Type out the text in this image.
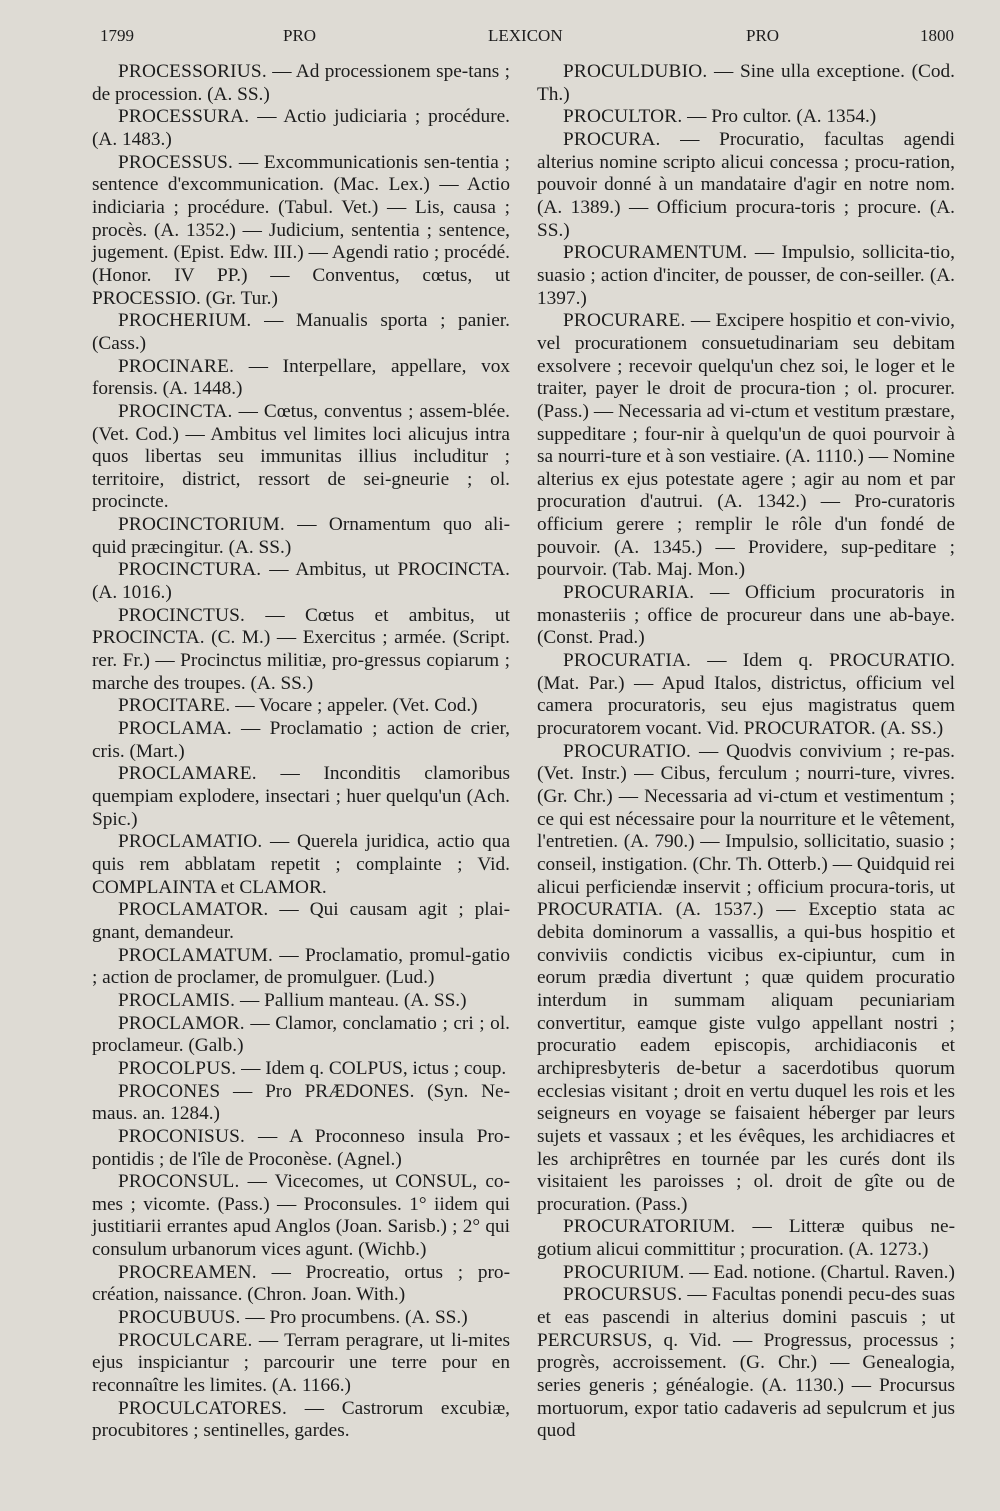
1799	PRO	LEXICON	PRO	1800

PROCESSORIUS. — Ad processionem spe-tans ; de procession. (A. SS.)

PROCESSURA. — Actio judiciaria ; procédure. (A. 1483.)

PROCESSUS. — Excommunicationis sen-tentia ; sentence d'excommunication. (Mac. Lex.) — Actio indiciaria ; procédure. (Tabul. Vet.) — Lis, causa ; procès. (A. 1352.) — Judicium, sententia ; sentence, jugement. (Epist. Edw. III.) — Agendi ratio ; procédé. (Honor. IV PP.) — Conventus, cœtus, ut PROCESSIO. (Gr. Tur.)

PROCHERIUM. — Manualis sporta ; panier. (Cass.)

PROCINARE. — Interpellare, appellare, vox forensis. (A. 1448.)

PROCINCTA. — Cœtus, conventus ; assem-blée. (Vet. Cod.) — Ambitus vel limites loci alicujus intra quos libertas seu immunitas illius includitur ; territoire, district, ressort de sei-gneurie ; ol. procincte.

PROCINCTORIUM. — Ornamentum quo ali-quid præcingitur. (A. SS.)

PROCINCTURA. — Ambitus, ut PROCINCTA. (A. 1016.)

PROCINCTUS. — Cœtus et ambitus, ut PROCINCTA. (C. M.) — Exercitus ; armée. (Script. rer. Fr.) — Procinctus militiæ, pro-gressus copiarum ; marche des troupes. (A. SS.)

PROCITARE. — Vocare ; appeler. (Vet. Cod.)

PROCLAMA. — Proclamatio ; action de crier, cris. (Mart.)

PROCLAMARE. — Inconditis clamoribus quempiam explodere, insectari ; huer quelqu'un (Ach. Spic.)

PROCLAMATIO. — Querela juridica, actio qua quis rem abblatam repetit ; complainte ; Vid. COMPLAINTA et CLAMOR.

PROCLAMATOR. — Qui causam agit ; plai-gnant, demandeur.

PROCLAMATUM. — Proclamatio, promul-gatio ; action de proclamer, de promulguer. (Lud.)

PROCLAMIS. — Pallium manteau. (A. SS.)

PROCLAMOR. — Clamor, conclamatio ; cri ; ol. proclameur. (Galb.)

PROCOLPUS. — Idem q. COLPUS, ictus ; coup.

PROCONES — Pro PRÆDONES. (Syn. Ne-maus. an. 1284.)

PROCONISUS. — A Proconneso insula Pro-pontidis ; de l'île de Proconèse. (Agnel.)

PROCONSUL. — Vicecomes, ut CONSUL, co-mes ; vicomte. (Pass.) — Proconsules. 1° iidem qui justitiarii errantes apud Anglos (Joan. Sarisb.) ; 2° qui consulum urbanorum vices agunt. (Wichb.)

PROCREAMEN. — Procreatio, ortus ; pro-création, naissance. (Chron. Joan. With.)

PROCUBUUS. — Pro procumbens. (A. SS.)

PROCULCARE. — Terram peragrare, ut li-mites ejus inspiciantur ; parcourir une terre pour en reconnaître les limites. (A. 1166.)

PROCULCATORES. — Castrorum excubiæ, procubitores ; sentinelles, gardes.

PROCULDUBIO. — Sine ulla exceptione. (Cod. Th.)

PROCULTOR. — Pro cultor. (A. 1354.)

PROCURA. — Procuratio, facultas agendi alterius nomine scripto alicui concessa ; procu-ration, pouvoir donné à un mandataire d'agir en notre nom. (A. 1389.) — Officium procura-toris ; procure. (A. SS.)

PROCURAMENTUM. — Impulsio, sollicita-tio, suasio ; action d'inciter, de pousser, de con-seiller. (A. 1397.)

PROCURARE. — Excipere hospitio et con-vivio, vel procurationem consuetudinariam seu debitam exsolvere ; recevoir quelqu'un chez soi, le loger et le traiter, payer le droit de procura-tion ; ol. procurer. (Pass.) — Necessaria ad vi-ctum et vestitum præstare, suppeditare ; four-nir à quelqu'un de quoi pourvoir à sa nourri-ture et à son vestiaire. (A. 1110.) — Nomine alterius ex ejus potestate agere ; agir au nom et par procuration d'autrui. (A. 1342.) — Pro-curatoris officium gerere ; remplir le rôle d'un fondé de pouvoir. (A. 1345.) — Providere, sup-peditare ; pourvoir. (Tab. Maj. Mon.)

PROCURARIA. — Officium procuratoris in monasteriis ; office de procureur dans une ab-baye. (Const. Prad.)

PROCURATIA. — Idem q. PROCURATIO. (Mat. Par.) — Apud Italos, districtus, officium vel camera procuratoris, seu ejus magistratus quem procuratorem vocant. Vid. PROCURATOR. (A. SS.)

PROCURATIO. — Quodvis convivium ; re-pas. (Vet. Instr.) — Cibus, ferculum ; nourri-ture, vivres. (Gr. Chr.) — Necessaria ad vi-ctum et vestimentum ; ce qui est nécessaire pour la nourriture et le vêtement, l'entretien. (A. 790.) — Impulsio, sollicitatio, suasio ; conseil, instigation. (Chr. Th. Otterb.) — Quidquid rei alicui perficiendæ inservit ; officium procura-toris, ut PROCURATIA. (A. 1537.) — Exceptio stata ac debita dominorum a vassallis, a qui-bus hospitio et conviviis condictis vicibus ex-cipiuntur, cum in eorum prædia divertunt ; quæ quidem procuratio interdum in summam aliquam pecuniariam convertitur, eamque giste vulgo appellant nostri ; procuratio eadem episcopis, archidiaconis et archipresbyteris de-betur a sacerdotibus quorum ecclesias visitant ; droit en vertu duquel les rois et les seigneurs en voyage se faisaient héberger par leurs sujets et vassaux ; et les évêques, les archidiacres et les archiprêtres en tournée par les curés dont ils visitaient les paroisses ; ol. droit de gîte ou de procuration. (Pass.)

PROCURATORIUM. — Litteræ quibus ne-gotium alicui committitur ; procuration. (A. 1273.)

PROCURIUM. — Ead. notione. (Chartul. Raven.)

PROCURSUS. — Facultas ponendi pecu-des suas et eas pascendi in alterius domini pascuis ; ut PERCURSUS, q. Vid. — Progressus, processus ; progrès, accroissement. (G. Chr.) — Genealogia, series generis ; généalogie. (A. 1130.) — Procursus mortuorum, expor tatio cadaveris ad sepulcrum et jus quod
